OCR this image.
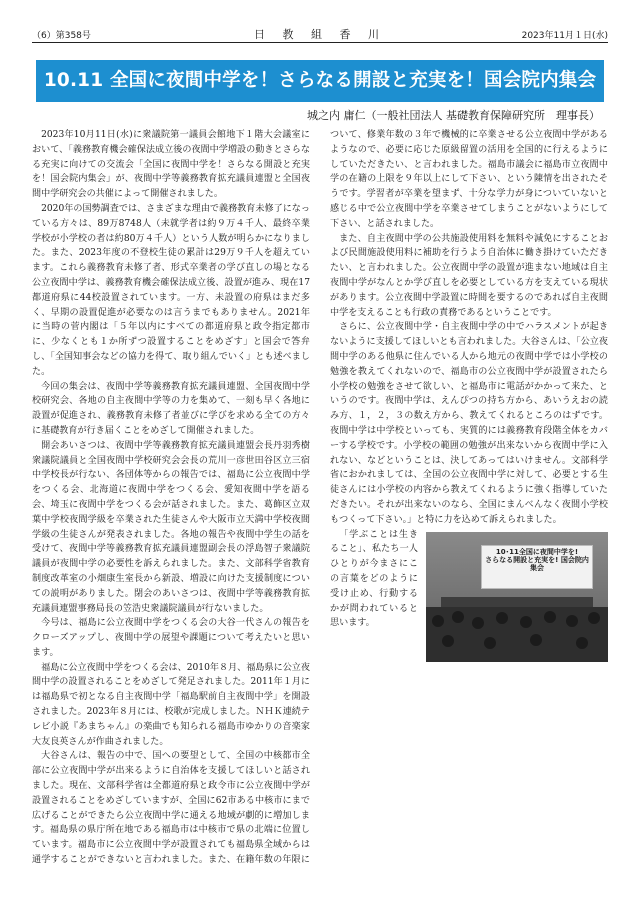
（6）第358号	日 教 組 香 川	2023年11月１日(水)
10.11 全国に夜間中学を！さらなる開設と充実を！国会院内集会
城之内 庸仁（一般社団法人 基礎教育保障研究所　理事長）

2023年10月11日(水)に衆議院第一議員会館地下１階大会議室において、「義務教育機会確保法成立後の夜間中学増設の動きとさらなる充実に向けての交流会「全国に夜間中学を！さらなる開設と充実を！国会院内集会」が、夜間中学等義務教育拡充議員連盟と全国夜間中学研究会の共催によって開催されました。

2020年の国勢調査では、さまざまな理由で義務教育未修了になっている方々は、89万8748人（未就学者は約９万４千人、最終卒業学校が小学校の者は約80万４千人）という人数が明らかになりました。また、2023年度の不登校生徒の累計は29万９千人を超えています。これら義務教育未修了者、形式卒業者の学び直しの場となる公立夜間中学は、義務教育機会確保法成立後、設置が進み、現在17都道府県に44校設置されています。一方、未設置の府県はまだ多く、早期の設置促進が必要なのは言うまでもありません。2021年に当時の菅内閣は「５年以内にすべての都道府県と政令指定都市に、少なくとも１か所ずつ設置することをめざす」と国会で答弁し、「全国知事会などの協力を得て、取り組んでいく」とも述べました。

今回の集会は、夜間中学等義務教育拡充議員連盟、全国夜間中学校研究会、各地の自主夜間中学等の力を集めて、一刻も早く各地に設置が促進され、義務教育未修了者並びに学びを求める全ての方々に基礎教育が行き届くことをめざして開催されました。

開会あいさつは、夜間中学等義務教育拡充議員連盟会長丹羽秀樹衆議院議員と全国夜間中学校研究会会長の荒川一彦世田谷区立三宿中学校長が行ない、各団体等からの報告では、福島に公立夜間中学をつくる会、北海道に夜間中学をつくる会、愛知夜間中学を語る会、埼玉に夜間中学をつくる会が話されました。また、葛飾区立双葉中学校夜間学級を卒業された生徒さんや大阪市立天満中学校夜間学級の生徒さんが発表されました。各地の報告や夜間中学生の話を受けて、夜間中学等義務教育拡充議員連盟副会長の浮島智子衆議院議員が夜間中学の必要性を訴えられました。また、文部科学省教育制度改革室の小畑康生室長から新設、増設に向けた支援制度についての説明がありました。閉会のあいさつは、夜間中学等義務教育拡充議員連盟事務局長の笠浩史衆議院議員が行ないました。

今号は、福島に公立夜間中学をつくる会の大谷一代さんの報告をクローズアップし、夜間中学の展望や課題について考えたいと思います。

福島に公立夜間中学をつくる会は、2010年８月、福島県に公立夜間中学の設置されることをめざして発足されました。2011年１月には福島県で初となる自主夜間中学「福島駅前自主夜間中学」を開設されました。2023年８月には、校歌が完成しました。ＮＨＫ連続テレビ小説『あまちゃん』の楽曲でも知られる福島市ゆかりの音楽家大友良英さんが作曲されました。

大谷さんは、報告の中で、国への要望として、全国の中核都市全部に公立夜間中学が出来るように自治体を支援してほしいと話されました。現在、文部科学省は全都道府県と政令市に公立夜間中学が設置されることをめざしていますが、全国に62市ある中核市にまで広げることができたら公立夜間中学に通える地域が劇的に増加します。福島県の県庁所在地である福島市は中核市で県の北端に位置しています。福島市に公立夜間中学が設置されても福島県全域からは通学することができないと言われました。また、在籍年数の年限について、修業年数の３年で機械的に卒業させる公立夜間中学があるようなので、必要に応じた原級留置の活用を全国的に行えるようにしていただきたい、と言われました。福島市議会に福島市立夜間中学の在籍の上限を９年以上にして下さい、という陳情を出されたそうです。学習者が卒業を望まず、十分な学力が身についていないと感じる中で公立夜間中学を卒業させてしまうことがないようにして下さい、と話されました。

また、自主夜間中学の公共施設使用料を無料や減免にすることおよび民間施設使用料に補助を行うよう自治体に働き掛けていただきたい、と言われました。公立夜間中学の設置が進まない地域は自主夜間中学がなんとか学び直しを必要としている方を支えている現状があります。公立夜間中学設置に時間を要するのであれば自主夜間中学を支えることも行政の責務であるということです。

さらに、公立夜間中学・自主夜間中学の中でハラスメントが起きないように支援してほしいとも言われました。大谷さんは、「公立夜間中学のある他県に住んでいる人から地元の夜間中学では小学校の勉強を教えてくれないので、福島市の公立夜間中学が設置されたら小学校の勉強をさせて欲しい、と福島市に電話がかかって来た、というのです。夜間中学は、えんぴつの持ち方から、あいうえおの読み方、１，２，３の数え方から、教えてくれるところのはずです。夜間中学は中学校といっても、実質的には義務教育段階全体をカバーする学校です。小学校の範囲の勉強が出来ないから夜間中学に入れない、などということは、決してあってはいけません。文部科学省におかれましては、全国の公立夜間中学に対して、必要とする生徒さんには小学校の内容から教えてくれるように強く指導していただきたい。それが出来ないのなら、全国にまんべんなく夜間小学校もつくって下さい。」と特に力を込めて訴えられました。

10･11全国に夜間中学を!
さらなる開設と充実を! 国会院内集会

「学ぶことは生きること」、私たち一人ひとりが今まさにこの言葉をどのように受け止め、行動するかが問われていると思います。
